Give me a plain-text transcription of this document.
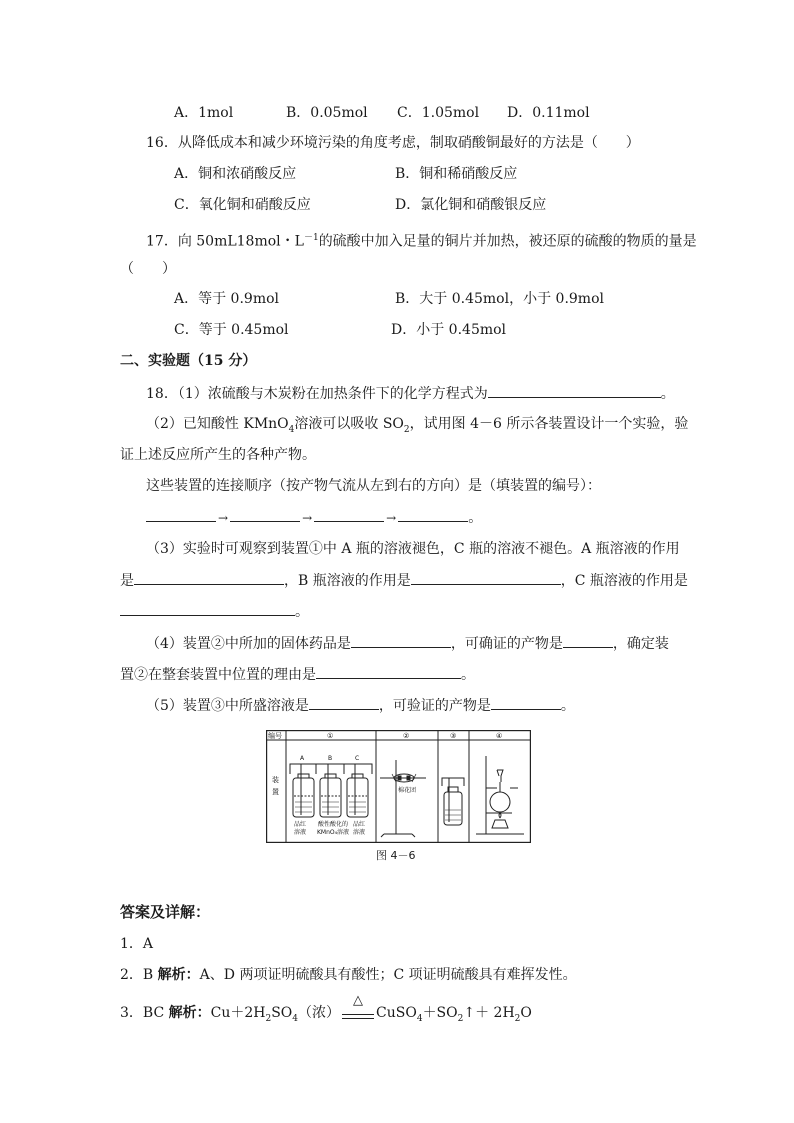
A．1mol	B．0.05mol C．1.05mol D．0.11mol
16．从降低成本和减少环境污染的角度考虑，制取硝酸铜最好的方法是（　　）
A．铜和浓硝酸反应	B．铜和稀硝酸反应
C．氧化铜和硝酸反应	D．氯化铜和硝酸银反应
17．向 50mL18mol・$L^{-1}$的硫酸中加入足量的铜片并加热，被还原的硫酸的物质的量是
（　　）
A．等于 0.9mol	B．大于 0.45mol，小于 0.9mol
C．等于 0.45mol	D．小于 0.45mol
二、实验题（15 分）
18．（1）浓硫酸与木炭粉在加热条件下的化学方程式为	。
（2）已知酸性 KMnO$_4$溶液可以吸收 $SO_2$，试用图 4－6 所示各装置设计一个实验，验
证上述反应所产生的各种产物。
这些装置的连接顺序（按产物气流从左到右的方向）是（填装置的编号）：
→	→	→	。
（3）实验时可观察到装置①中 A 瓶的溶液褪色，C 瓶的溶液不褪色。A 瓶溶液的作用
是	，B 瓶溶液的作用是	，C 瓶溶液的作用是
。
（4）装置②中所加的固体药品是	，可确证的产物是	，确定装
置②在整套装置中位置的理由是	。
（5）装置③中所盛溶液是	，可验证的产物是	。
编号
装
置
①	②	③	④
A	B	C
品红
溶液
酸性酸化的
KMnO₄溶液
品红
溶液
棉花团
图 4－6
答案及详解：
1．A
2．B 解析：A、D 两项证明硫酸具有酸性；C 项证明硫酸具有难挥发性。
3．BC 解析：$Cu+2H_2SO_4$（浓）
△
$CuSO_4+SO_2↑+ 2H_2O$
